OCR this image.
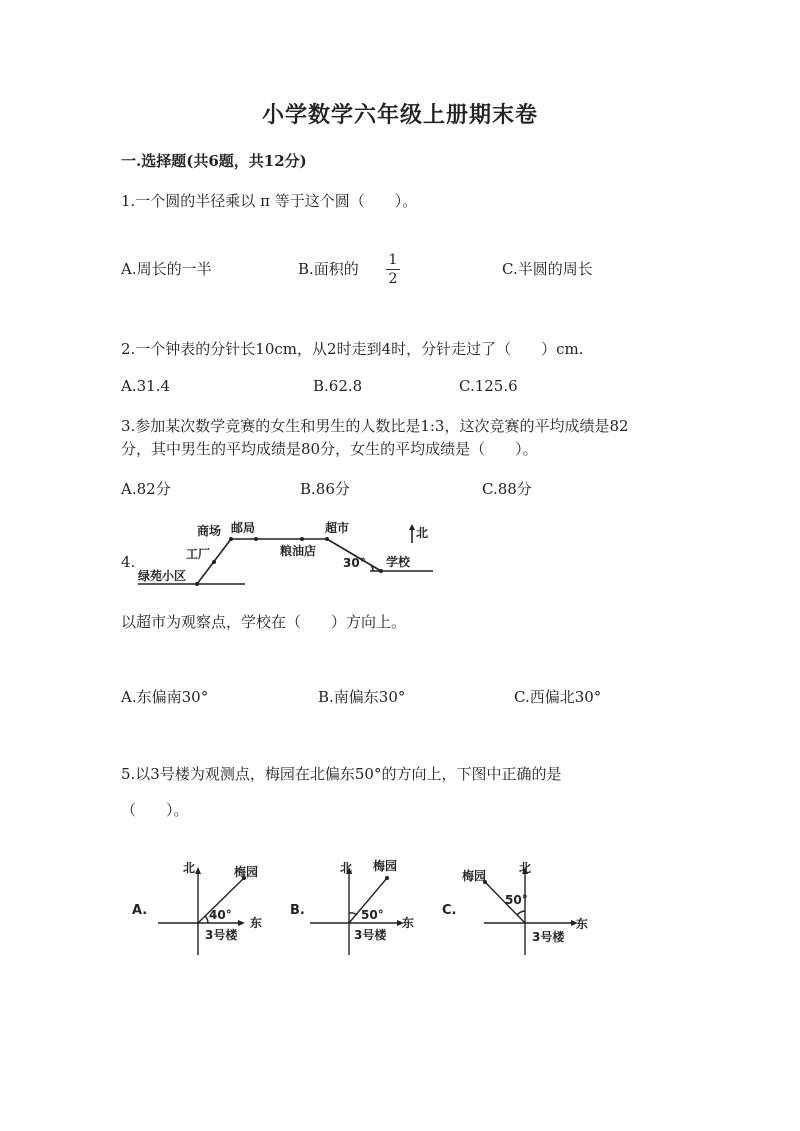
小学数学六年级上册期末卷
一.选择题(共6题，共12分)
1.一个圆的半径乘以 π 等于这个圆（　　）。
A.周长的一半	B.面积的 1
2
C.半圆的周长
2.一个钟表的分针长10cm，从2时走到4时，分针走过了（　　）cm.
A.31.4	B.62.8	C.125.6
3.参加某次数学竞赛的女生和男生的人数比是1:3，这次竞赛的平均成绩是82
分，其中男生的平均成绩是80分，女生的平均成绩是（　　）。
A.82分	B.86分	C.88分
4.
商场 邮局	超市	北
工厂	粮油店
30° 学校
绿苑小区
以超市为观察点，学校在（　　）方向上。
A.东偏南30°	B.南偏东30°	C.西偏北30°
5.以3号楼为观测点，梅园在北偏东50°的方向上，下图中正确的是
（　　）。
A.
北	梅园
40°
东
3号楼
B.
北 梅园
50°
东
3号楼
C.
北
梅园
50°
东
3号楼
